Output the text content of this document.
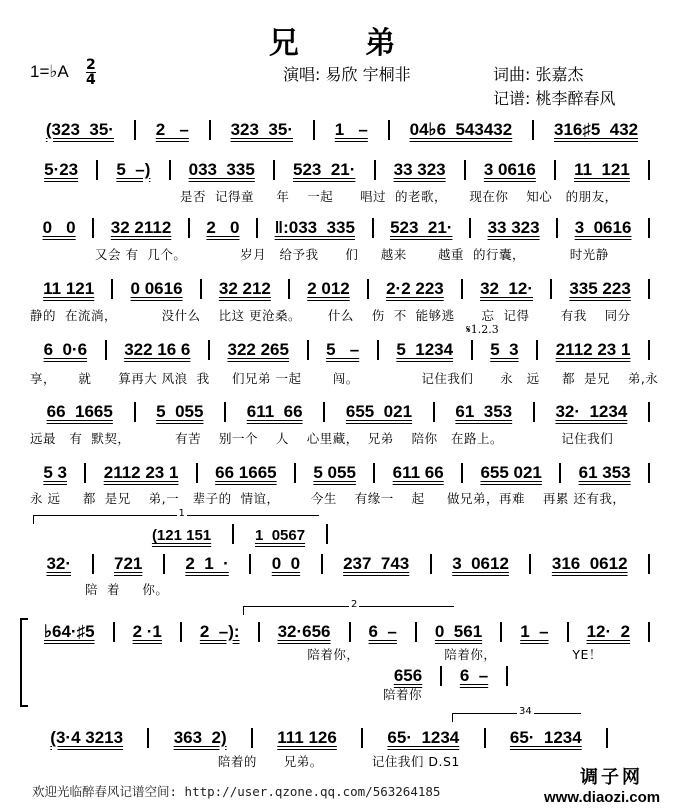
兄 弟
1=♭A $\frac{2}{4}$	演唱: 易欣 宇桐非	词曲: 张嘉杰
记谱: 桃李醉春风
(323  35·	2   –	323  35·	1   –	04♭6  543432	316♯5  432
5·23	5  –)	033  335	523  21·	33 323	3 0616	11  121
是否  记得童     年    一起      唱过  的老歌，     现在你    知心   的朋友，
0   0	32 2112	2   0	‖:033  335	523  21·	33 323	3  0616
又会 有  几个。            岁月   给予我      们     越来       越重  的行囊，          时光静
11 121	0 0616	32 212	2 012	2·2 223	32  12·	335 223
静的  在流淌，          没什么    比这 更沧桑。      什么    伤  不  能够逃      忘  记得       有我    同分
𝄋1.2.3
6  0·6	322 16 6	322 265	5   –	5  1234	5  3	2112 23 1
享，     就      算再大 风浪  我     们兄弟 一起       闯。              记住我们      永   远     都  是兄    弟,永
66  1665	5  055	611  66	655  021	61  353	32·  1234
远最   有  默契，          有苦    别一个    人    心里藏，  兄弟    陪你   在路上。             记住我们
5 3	2112 23 1	66 1665	5 055	611 66	655 021	61 353
永 远     都  是兄    弟,一   辈子的  情谊，       今生    有缘一    起     做兄弟，再难    再累 还有我，
1
(121 151	1  0567
32·	721	2  1  ·	0  0	237  743	3  0612	316  0612
陪  着     你。
2
♭64·♯5	2 ·1	2  –):	32·656	6  –	0  561	1  –	12·  2
陪着你，                   陪着你，                 YE！
656	6  –
陪着你
34
(3·4 3213	363  2)	111 126	65·  1234	65·  1234
陪着的      兄弟。           记住我们 D.S1
欢迎光临醉春风记谱空间: http://user.qzone.qq.com/563264185
调子网
www.diaozi.com
